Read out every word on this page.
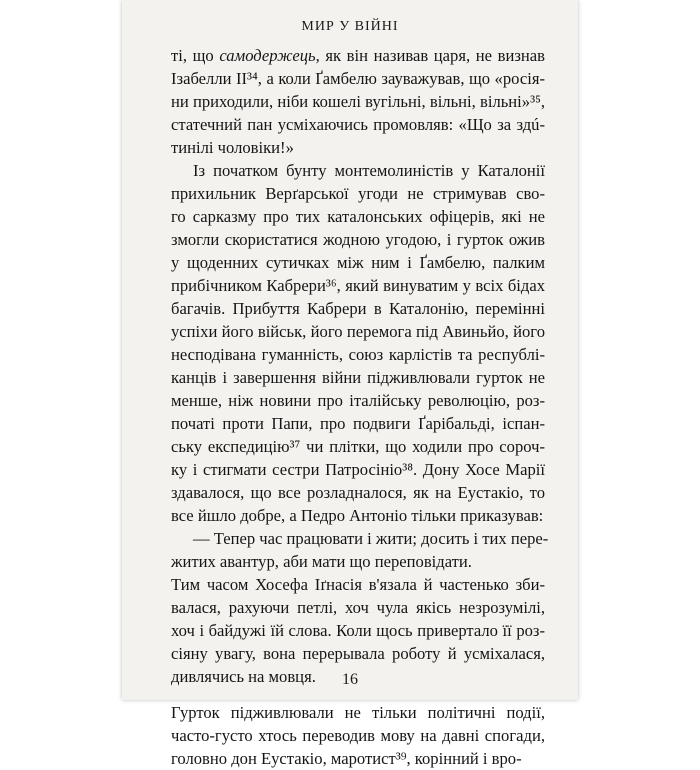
МИР У ВІЙНІ
ті, що самодержець, як він називав царя, не визнав
Ізабелли II³⁴, а коли Ґамбелю зауважував, що «росія-
ни приходили, ніби кошелі вугільні, вільні, вільні»³⁵,
статечний пан усміхаючись промовляв: «Що за здú-
тинілі чоловіки!»
Із початком бунту монтемолиністів у Каталонії
прихильник Верґарської угоди не стримував сво-
го сарказму про тих каталонських офіцерів, які не
змогли скористатися жодною угодою, і гурток ожив
у щоденних сутичках між ним і Ґамбелю, палким
прибічником Кабрери³⁶, який винуватим у всіх бідах
багачів. Прибуття Кабрери в Каталонію, перемінні
успіхи його військ, його перемога під Авиньйо, його
несподівана гуманність, союз карлістів та республі-
канців і завершення війни підживлювали гурток не
менше, ніж новини про італійську революцію, роз-
початі проти Папи, про подвиги Ґарібальді, іспан-
ську експедицію³⁷ чи плітки, що ходили про сороч-
ку і стигмати сестри Патросініо³⁸. Дону Хосе Марії
здавалося, що все розладналося, як на Еустакіо, то
все йшло добре, а Педро Антоніо тільки приказував:
— Тепер час працювати і жити; досить і тих пере-
житих авантур, аби мати що переповідати.
Тим часом Хосефа Іґнасія в'язала й частенько зби-
валася, рахуючи петлі, хоч чула якісь незрозумілі,
хоч і байдужі їй слова. Коли щось привертало її роз-
сіяну увагу, вона перерывала роботу й усміхалася,
дивлячись на мовця.
Гурток підживлювали не тільки політичні події,
часто-густо хтось переводив мову на давні спогади,
головно дон Еустакіо, маротист³⁹, корінний і вро-
16
